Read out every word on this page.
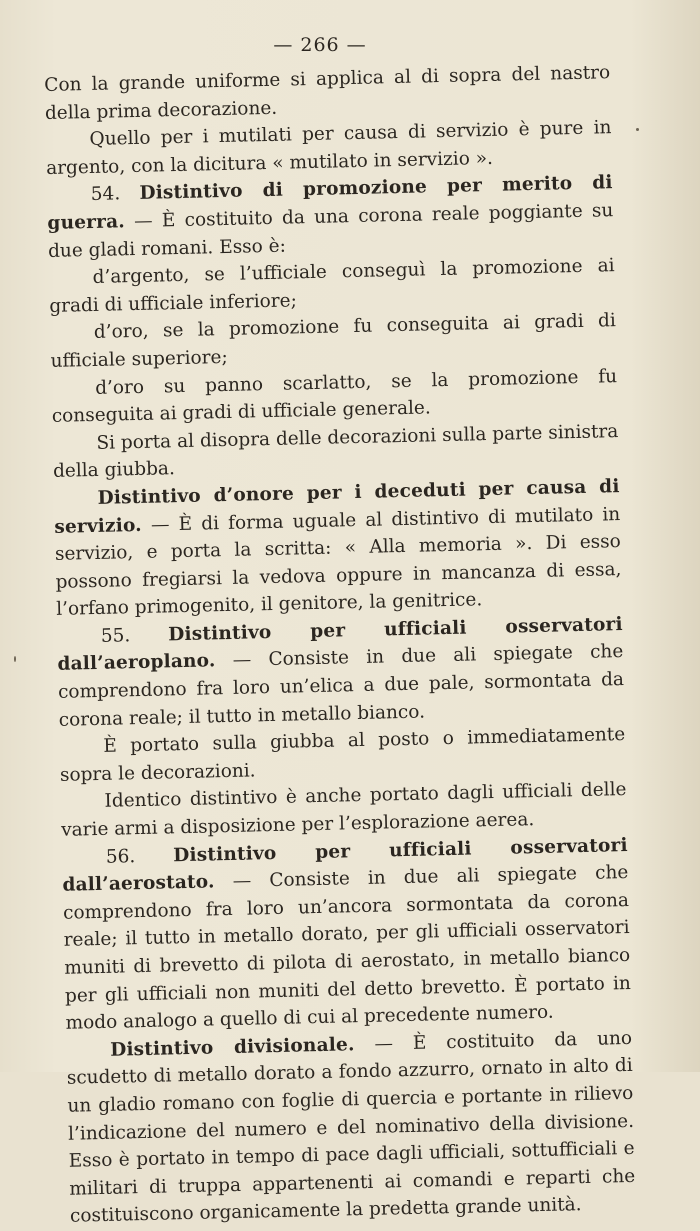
— 266 —

Con la grande uniforme si applica al di sopra del nastro della prima decorazione.

Quello per i mutilati per causa di servizio è pure in argento, con la dicitura « mutilato in servizio ».

54. Distintivo di promozione per merito di guerra. — È costituito da una corona reale poggiante su due gladi romani. Esso è:

d’argento, se l’ufficiale conseguì la promozione ai gradi di ufficiale inferiore;

d’oro, se la promozione fu conseguita ai gradi di ufficiale superiore;

d’oro su panno scarlatto, se la promozione fu conseguita ai gradi di ufficiale generale.

Si porta al disopra delle decorazioni sulla parte sinistra della giubba.

Distintivo d’onore per i deceduti per causa di servizio. — È di forma uguale al distintivo di mutilato in servizio, e porta la scritta: « Alla memoria ». Di esso possono fregiarsi la vedova oppure in mancanza di essa, l’orfano primogenito, il genitore, la genitrice.

55. Distintivo per ufficiali osservatori dall’aeroplano. — Consiste in due ali spiegate che comprendono fra loro un’elica a due pale, sormontata da corona reale; il tutto in metallo bianco.

È portato sulla giubba al posto o immediatamente sopra le decorazioni.

Identico distintivo è anche portato dagli ufficiali delle varie armi a disposizione per l’esplorazione aerea.

56. Distintivo per ufficiali osservatori dall’aerostato. — Consiste in due ali spiegate che comprendono fra loro un’ancora sormontata da corona reale; il tutto in metallo dorato, per gli ufficiali osservatori muniti di brevetto di pilota di aerostato, in metallo bianco per gli ufficiali non muniti del detto brevetto. È portato in modo analogo a quello di cui al precedente numero.

Distintivo divisionale. — È costituito da uno scudetto di metallo dorato a fondo azzurro, ornato in alto di un gladio romano con foglie di quercia e portante in rilievo l’indicazione del numero e del nominativo della divisione. Esso è portato in tempo di pace dagli ufficiali, sottufficiali e militari di truppa appartenenti ai comandi e reparti che costituiscono organicamente la predetta grande unità.
